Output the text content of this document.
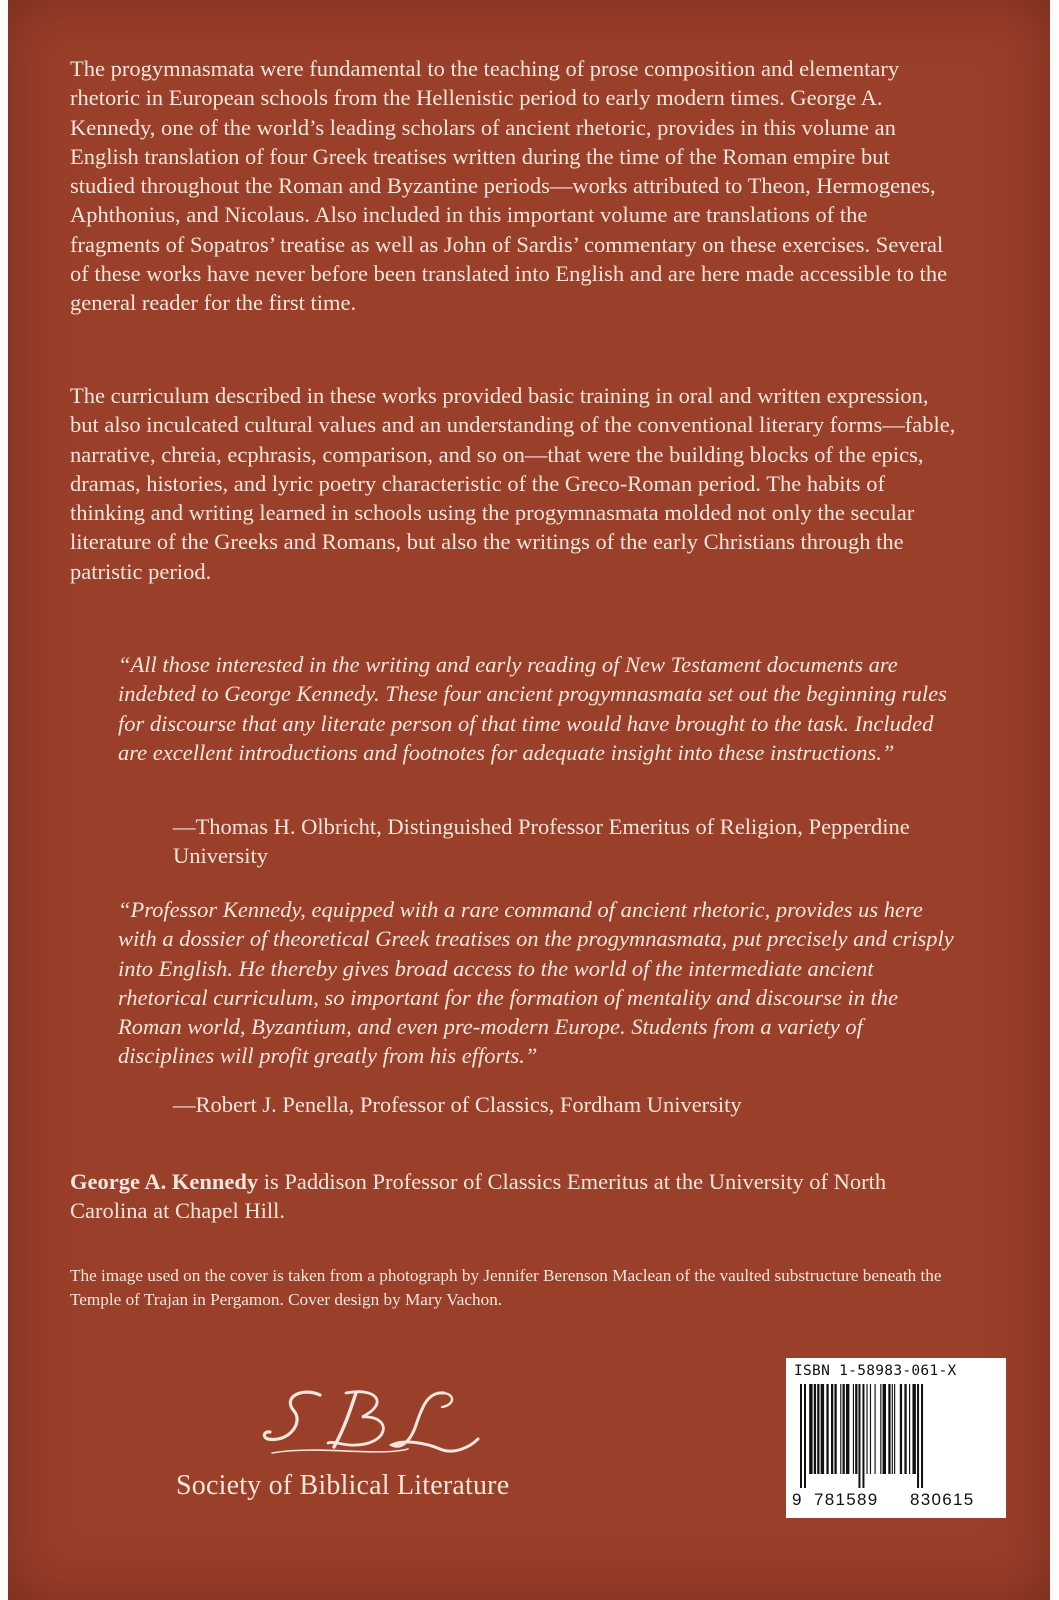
The progymnasmata were fundamental to the teaching of prose composition and elementary rhetoric in European schools from the Hellenistic period to early modern times. George A. Kennedy, one of the world’s leading scholars of ancient rhetoric, provides in this volume an English translation of four Greek treatises written during the time of the Roman empire but studied throughout the Roman and Byzantine periods—works attributed to Theon, Hermogenes, Aphthonius, and Nicolaus. Also included in this important volume are translations of the fragments of Sopatros’ treatise as well as John of Sardis’ commentary on these exercises. Several of these works have never before been translated into English and are here made accessible to the general reader for the first time.

The curriculum described in these works provided basic training in oral and written expression, but also inculcated cultural values and an understanding of the conventional literary forms—fable, narrative, chreia, ecphrasis, comparison, and so on—that were the building blocks of the epics, dramas, histories, and lyric poetry characteristic of the Greco-Roman period. The habits of thinking and writing learned in schools using the progymnasmata molded not only the secular literature of the Greeks and Romans, but also the writings of the early Christians through the patristic period.

“All those interested in the writing and early reading of New Testament documents are indebted to George Kennedy. These four ancient progymnasmata set out the beginning rules for discourse that any literate person of that time would have brought to the task. Included are excellent introductions and footnotes for adequate insight into these instructions.”

—Thomas H. Olbricht, Distinguished Professor Emeritus of Religion, Pepperdine University

“Professor Kennedy, equipped with a rare command of ancient rhetoric, provides us here with a dossier of theoretical Greek treatises on the progymnasmata, put precisely and crisply into English. He thereby gives broad access to the world of the intermediate ancient rhetorical curriculum, so important for the formation of mentality and discourse in the Roman world, Byzantium, and even pre-modern Europe. Students from a variety of disciplines will profit greatly from his efforts.”

—Robert J. Penella, Professor of Classics, Fordham University

George A. Kennedy is Paddison Professor of Classics Emeritus at the University of North Carolina at Chapel Hill.

The image used on the cover is taken from a photograph by Jennifer Berenson Maclean of the vaulted substructure beneath the Temple of Trajan in Pergamon. Cover design by Mary Vachon.

Society of Biblical Literature

ISBN 1-58983-061-X
9 781589 830615
